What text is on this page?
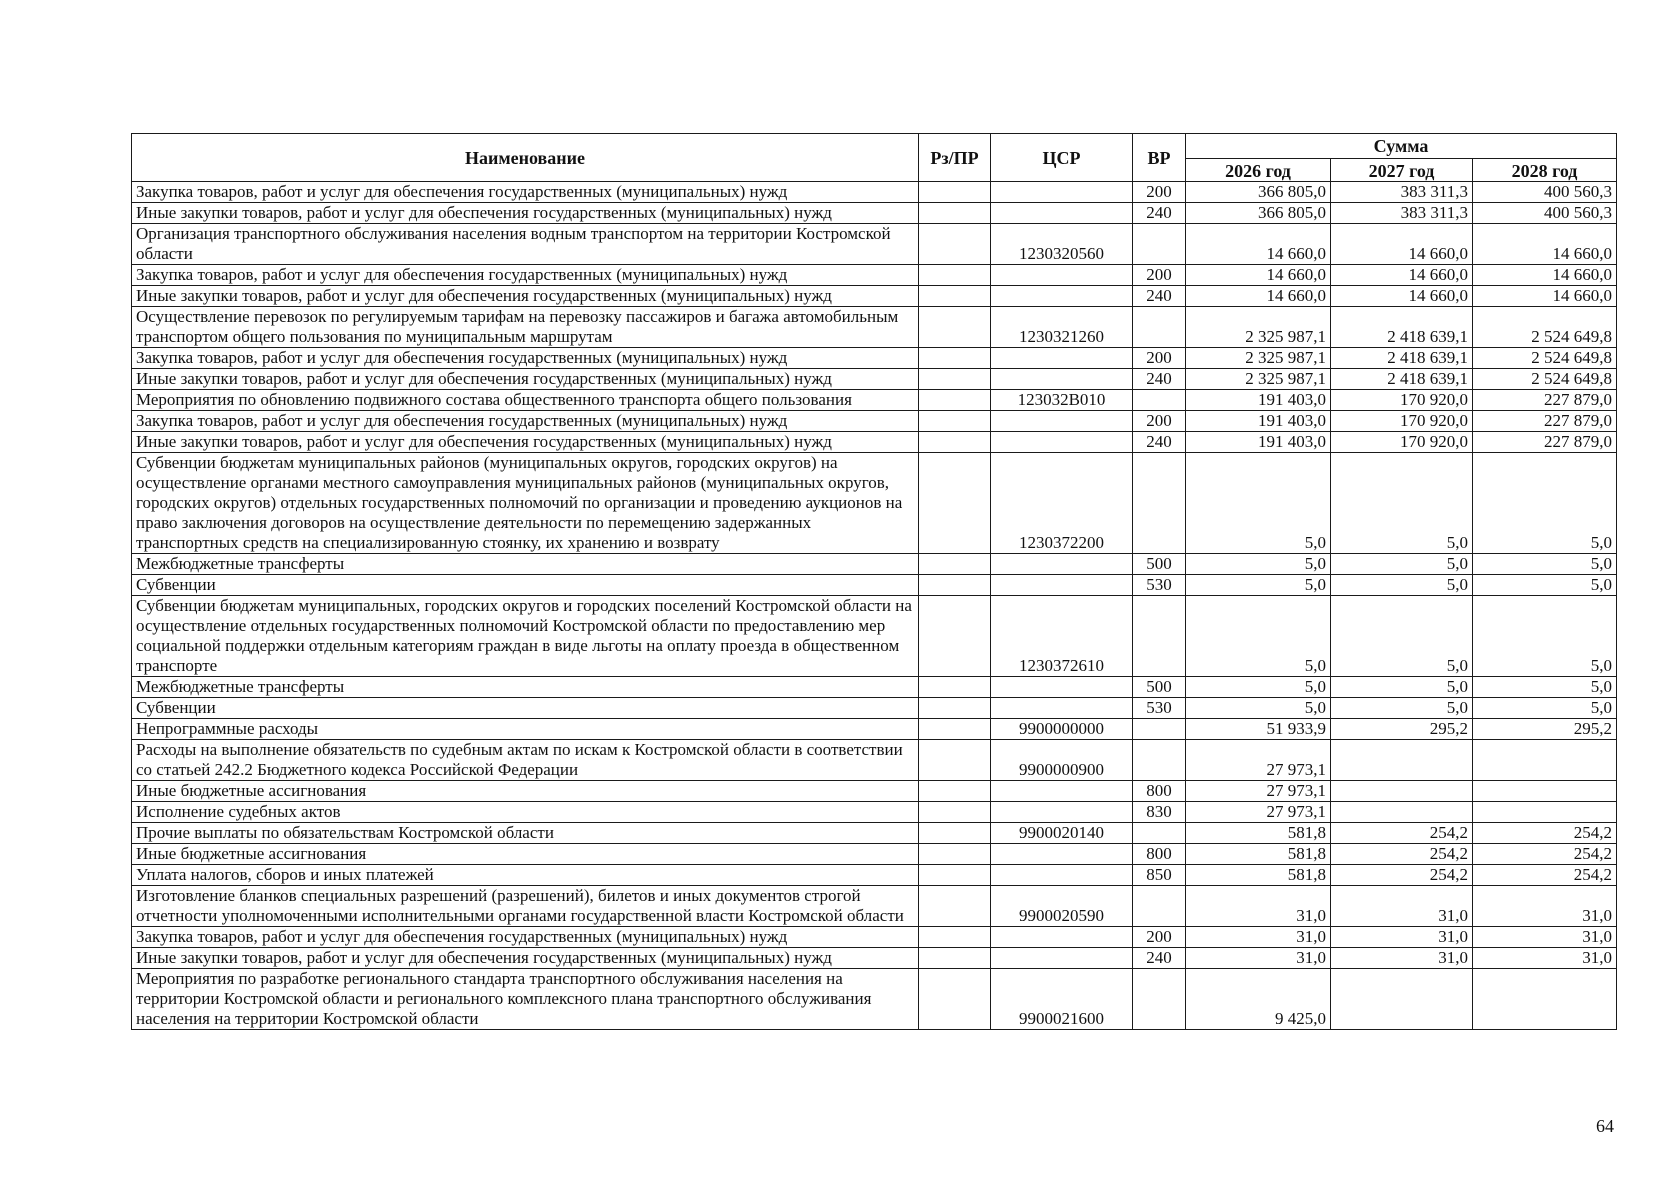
Наименование	Рз/ПР	ЦСР	ВР	Сумма		
				2026 год	2027 год	2028 год
Закупка товаров, работ и услуг для обеспечения государственных (муниципальных) нужд			200	366 805,0	383 311,3	400 560,3
Иные закупки товаров, работ и услуг для обеспечения государственных (муниципальных) нужд			240	366 805,0	383 311,3	400 560,3
Организация транспортного обслуживания населения водным транспортом на территории Костромской области		1230320560		14 660,0	14 660,0	14 660,0
Закупка товаров, работ и услуг для обеспечения государственных (муниципальных) нужд			200	14 660,0	14 660,0	14 660,0
Иные закупки товаров, работ и услуг для обеспечения государственных (муниципальных) нужд			240	14 660,0	14 660,0	14 660,0
Осуществление перевозок по регулируемым тарифам на перевозку пассажиров и багажа автомобильным транспортом общего пользования по муниципальным маршрутам		1230321260		2 325 987,1	2 418 639,1	2 524 649,8
Закупка товаров, работ и услуг для обеспечения государственных (муниципальных) нужд			200	2 325 987,1	2 418 639,1	2 524 649,8
Иные закупки товаров, работ и услуг для обеспечения государственных (муниципальных) нужд			240	2 325 987,1	2 418 639,1	2 524 649,8
Мероприятия по обновлению подвижного состава общественного транспорта общего пользования		123032B010		191 403,0	170 920,0	227 879,0
Закупка товаров, работ и услуг для обеспечения государственных (муниципальных) нужд			200	191 403,0	170 920,0	227 879,0
Иные закупки товаров, работ и услуг для обеспечения государственных (муниципальных) нужд			240	191 403,0	170 920,0	227 879,0
Субвенции бюджетам муниципальных районов (муниципальных округов, городских округов) на осуществление органами местного самоуправления муниципальных районов (муниципальных округов, городских округов) отдельных государственных полномочий по организации и проведению аукционов на право заключения договоров на осуществление деятельности по перемещению задержанных транспортных средств на специализированную стоянку, их хранению и возврату		1230372200		5,0	5,0	5,0
Межбюджетные трансферты			500	5,0	5,0	5,0
Субвенции			530	5,0	5,0	5,0
Субвенции бюджетам муниципальных, городских округов и городских поселений Костромской области на осуществление отдельных государственных полномочий Костромской области по предоставлению мер социальной поддержки отдельным категориям граждан в виде льготы на оплату проезда в общественном транспорте		1230372610		5,0	5,0	5,0
Межбюджетные трансферты			500	5,0	5,0	5,0
Субвенции			530	5,0	5,0	5,0
Непрограммные расходы		9900000000		51 933,9	295,2	295,2
Расходы на выполнение обязательств по судебным актам по искам к Костромской области в соответствии со статьей 242.2 Бюджетного кодекса Российской Федерации		9900000900		27 973,1		
Иные бюджетные ассигнования			800	27 973,1		
Исполнение судебных актов			830	27 973,1		
Прочие выплаты по обязательствам Костромской области		9900020140		581,8	254,2	254,2
Иные бюджетные ассигнования			800	581,8	254,2	254,2
Уплата налогов, сборов и иных платежей			850	581,8	254,2	254,2
Изготовление бланков специальных разрешений (разрешений), билетов и иных документов строгой отчетности уполномоченными исполнительными органами государственной власти Костромской области		9900020590		31,0	31,0	31,0
Закупка товаров, работ и услуг для обеспечения государственных (муниципальных) нужд			200	31,0	31,0	31,0
Иные закупки товаров, работ и услуг для обеспечения государственных (муниципальных) нужд			240	31,0	31,0	31,0
Мероприятия по разработке регионального стандарта транспортного обслуживания населения на территории Костромской области и регионального комплексного плана транспортного обслуживания населения на территории Костромской области		9900021600		9 425,0		
64
